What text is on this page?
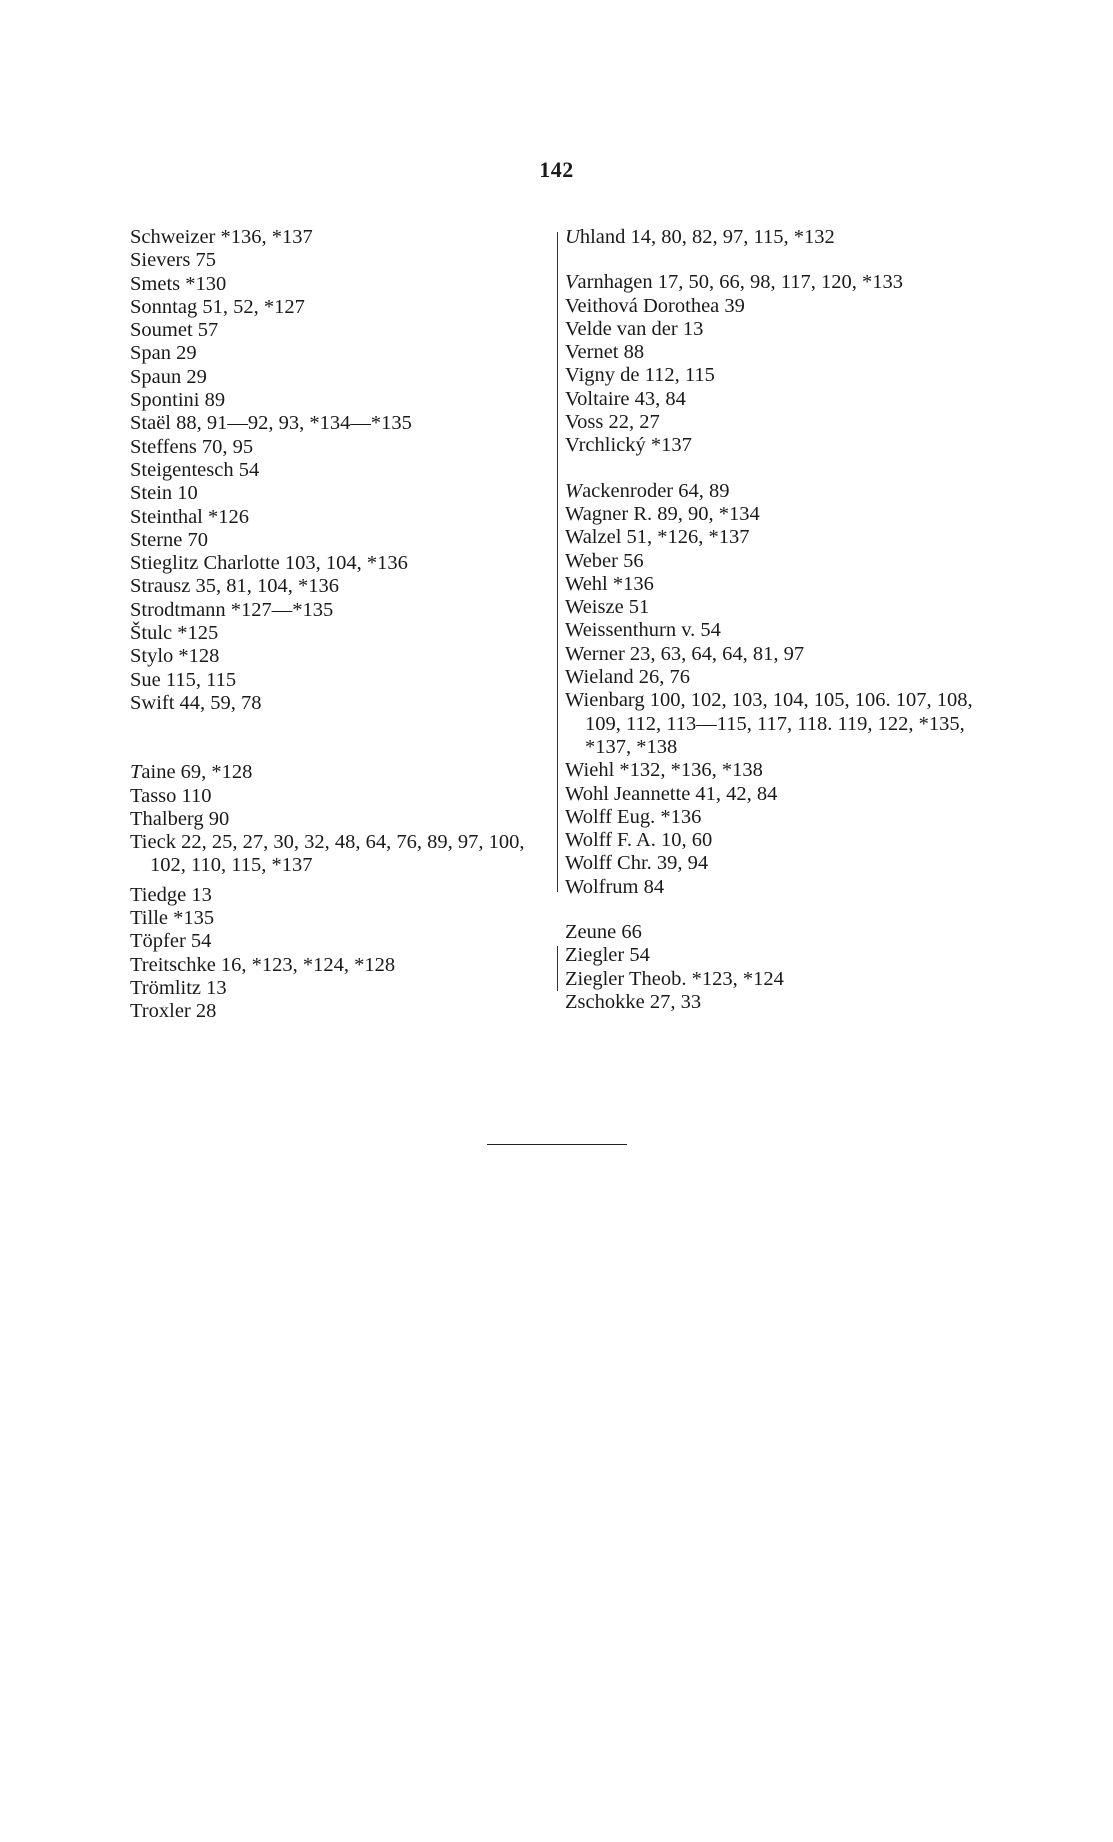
142
Schweizer *136, *137
Sievers 75
Smets *130
Sonntag 51, 52, *127
Soumet 57
Span 29
Spaun 29
Spontini 89
Staël 88, 91—92, 93, *134—*135
Steffens 70, 95
Steigentesch 54
Stein 10
Steinthal *126
Sterne 70
Stieglitz Charlotte 103, 104, *136
Strausz 35, 81, 104, *136
Strodtmann *127—*135
Štulc *125
Stylo *128
Sue 115, 115
Swift 44, 59, 78
Taine 69, *128
Tasso 110
Thalberg 90
Tieck 22, 25, 27, 30, 32, 48, 64, 76, 89, 97, 100, 102, 110, 115, *137
Tiedge 13
Tille *135
Töpfer 54
Treitschke 16, *123, *124, *128
Trömlitz 13
Troxler 28
Uhland 14, 80, 82, 97, 115, *132
Varnhagen 17, 50, 66, 98, 117, 120, *133
Veithová Dorothea 39
Velde van der 13
Vernet 88
Vigny de 112, 115
Voltaire 43, 84
Voss 22, 27
Vrchlický *137
Wackenroder 64, 89
Wagner R. 89, 90, *134
Walzel 51, *126, *137
Weber 56
Wehl *136
Weisze 51
Weissenthurn v. 54
Werner 23, 63, 64, 64, 81, 97
Wieland 26, 76
Wienbarg 100, 102, 103, 104, 105, 106. 107, 108, 109, 112, 113—115, 117, 118. 119, 122, *135, *137, *138
Wiehl *132, *136, *138
Wohl Jeannette 41, 42, 84
Wolff Eug. *136
Wolff F. A. 10, 60
Wolff Chr. 39, 94
Wolfrum 84
Zeune 66
Ziegler 54
Ziegler Theob. *123, *124
Zschokke 27, 33
